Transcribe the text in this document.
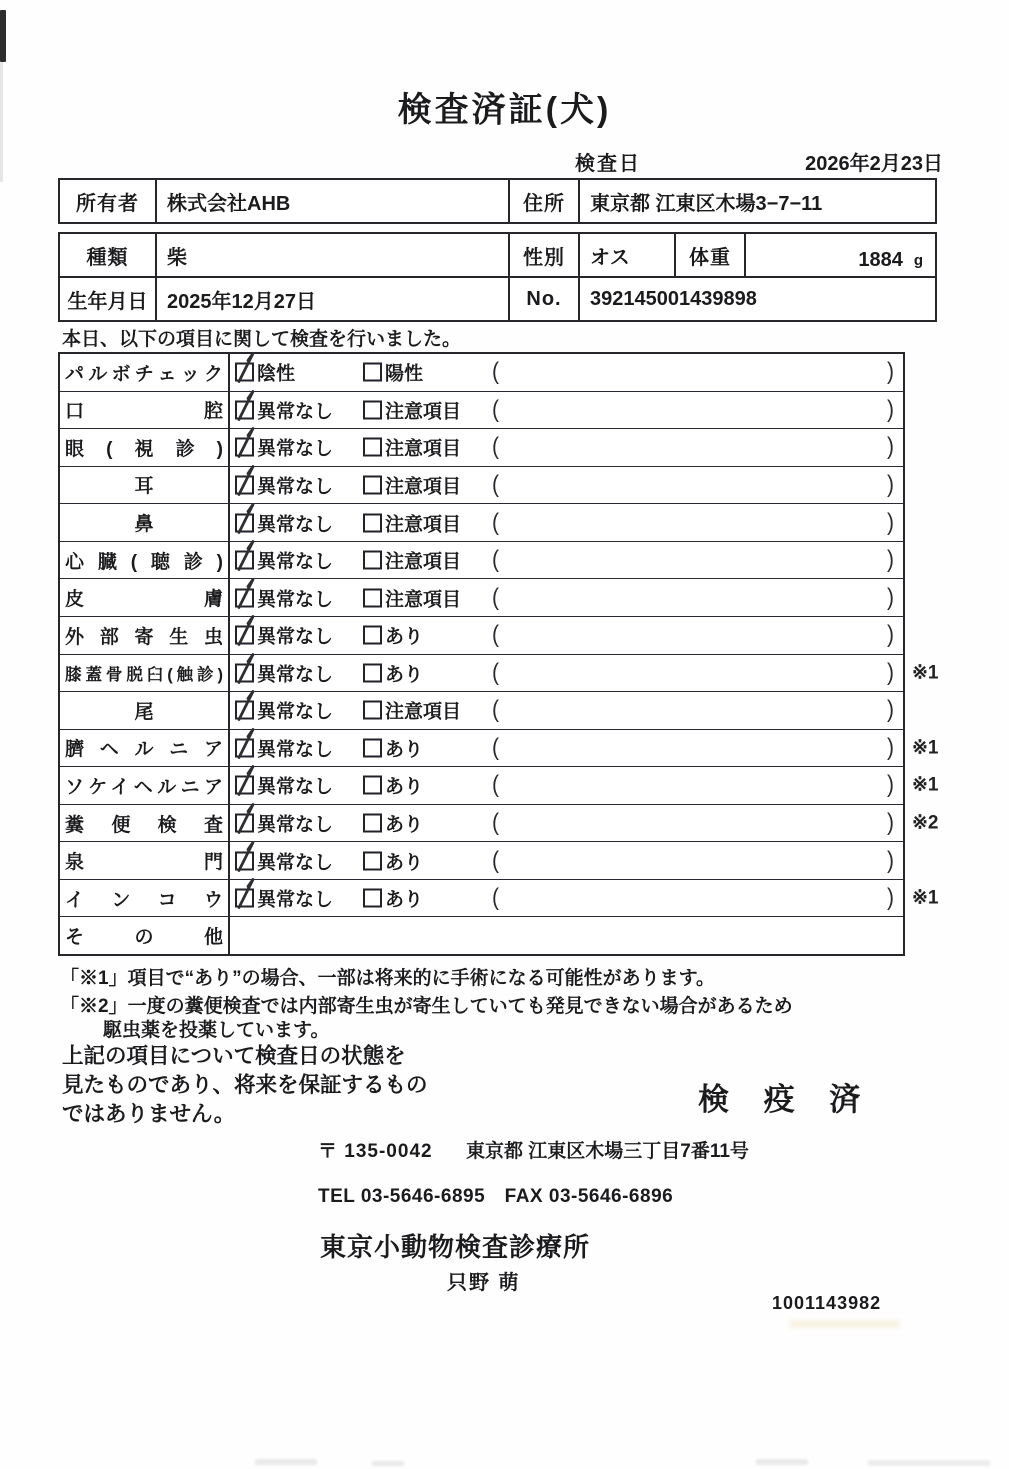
検査済証(犬)
検査日	2026年2月23日
所有者	株式会社AHB	住所	東京都 江東区木場3−7−11
種類	柴	性別	オス	体重	1884 g
生年月日 2025年12月27日	No.	392145001439898
本日、以下の項目に関して検査を行いました。
パルボチェック 陰性	陽性	(	)
口腔 異常なし	注意項目 (	)
眼(視診) 異常なし	注意項目 (	)
耳	異常なし	注意項目 (	)
鼻	異常なし	注意項目 (	)
心臓(聴診) 異常なし	注意項目 (	)
皮膚 異常なし	注意項目 (	)
外部寄生虫 異常なし	あり	(	)
膝蓋骨脱臼(触診) 異常なし	あり	(	) ※1
尾	異常なし	注意項目 (	)
臍ヘルニア 異常なし	あり	(	) ※1
ソケイヘルニア 異常なし	あり	(	) ※1
糞便検査 異常なし	あり	(	) ※2
泉門 異常なし	あり	(	)
インコウ 異常なし	あり	(	) ※1
その他
「※1」項目で“あり”の場合、一部は将来的に手術になる可能性があります。
「※2」一度の糞便検査では内部寄生虫が寄生していても発見できない場合があるため
駆虫薬を投薬しています。
上記の項目について検査日の状態を
見たものであり、将来を保証するもの
ではありません。	検 疫 済
〒 135-0042 東京都 江東区木場三丁目7番11号
TEL 03-5646-6895　FAX 03-5646-6896
東京小動物検査診療所
只野 萌
1001143982
